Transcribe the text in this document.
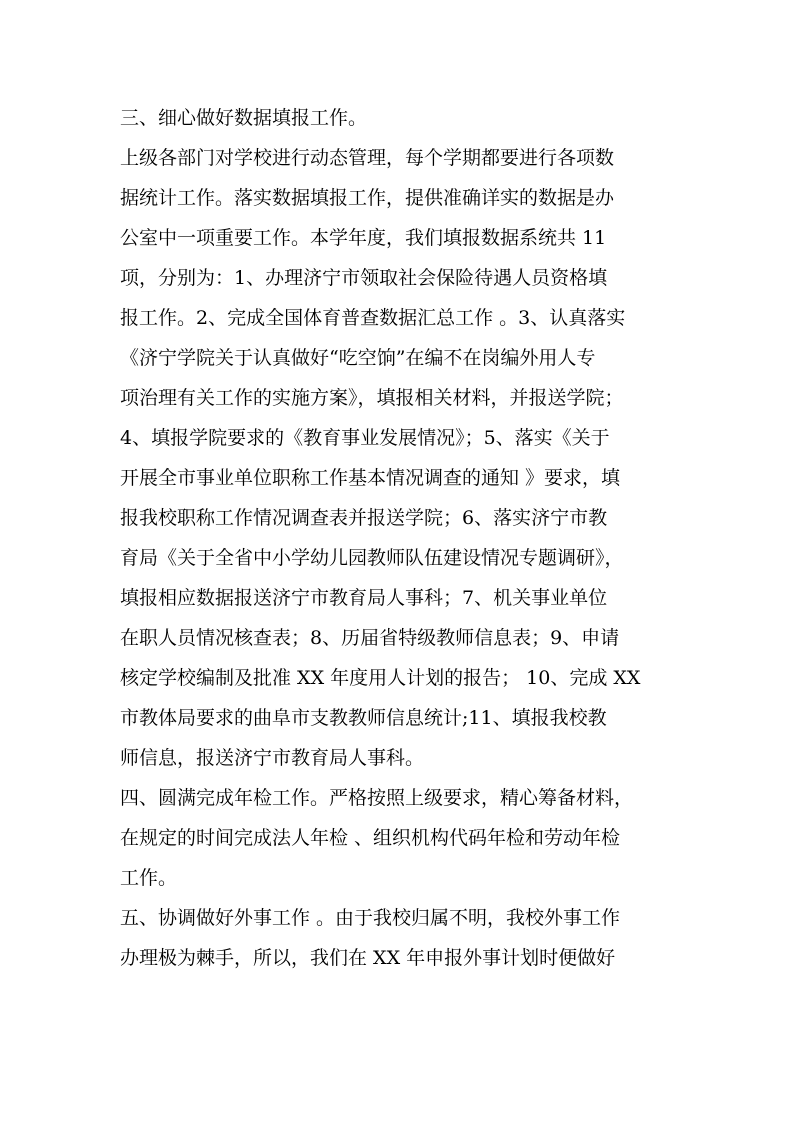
三、细心做好数据填报工作。
上级各部门对学校进行动态管理，每个学期都要进行各项数
据统计工作。落实数据填报工作，提供准确详实的数据是办
公室中一项重要工作。本学年度，我们填报数据系统共 11
项，分别为：1、办理济宁市领取社会保险待遇人员资格填
报工作。2、完成全国体育普查数据汇总工作 。3、认真落实
《济宁学院关于认真做好“吃空饷”在编不在岗编外用人专
项治理有关工作的实施方案》，填报相关材料，并报送学院；
4、填报学院要求的《教育事业发展情况》；5、落实《关于
开展全市事业单位职称工作基本情况调查的通知 》要求，填
报我校职称工作情况调查表并报送学院；6、落实济宁市教
育局《关于全省中小学幼儿园教师队伍建设情况专题调研》，
填报相应数据报送济宁市教育局人事科；7、机关事业单位
在职人员情况核查表；8、历届省特级教师信息表；9、申请
核定学校编制及批准 XX 年度用人计划的报告； 10、完成 XX
市教体局要求的曲阜市支教教师信息统计;11、填报我校教
师信息，报送济宁市教育局人事科。
四、圆满完成年检工作。严格按照上级要求，精心筹备材料，
在规定的时间完成法人年检 、组织机构代码年检和劳动年检
工作。
五、协调做好外事工作 。由于我校归属不明，我校外事工作
办理极为棘手，所以，我们在 XX 年申报外事计划时便做好
